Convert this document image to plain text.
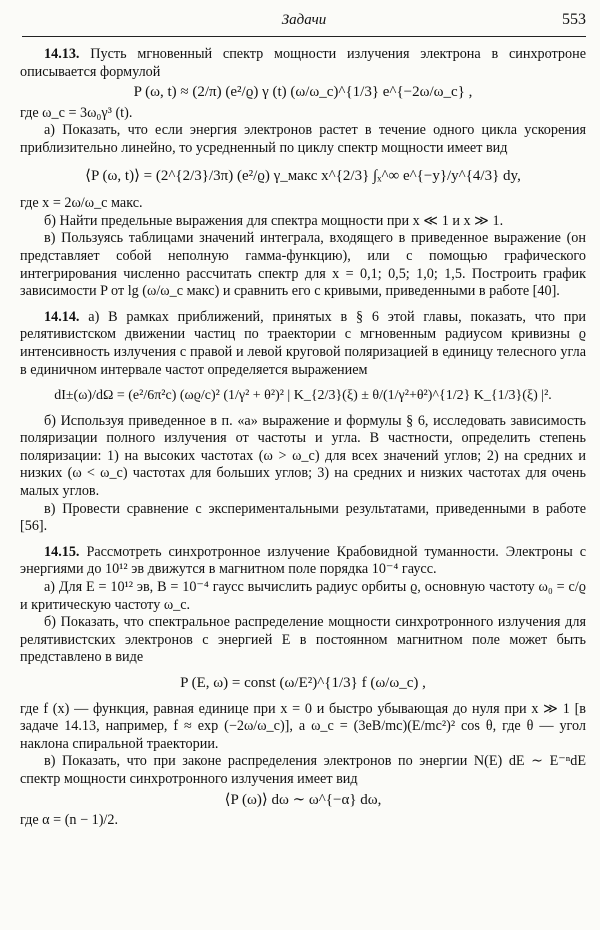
Задачи	553

14.13. Пусть мгновенный спектр мощности излучения электрона в синхротроне описывается формулой

P (ω, t) ≈ (2/π) (e²/ϱ) γ (t) (ω/ω_c)^{1/3} e^{−2ω/ω_c} ,

где ω_c = 3ω₀γ³ (t).

а) Показать, что если энергия электронов растет в течение одного цикла ускорения приблизительно линейно, то усредненный по циклу спектр мощности имеет вид

⟨P (ω, t)⟩ = (2^{2/3}/3π) (e²/ϱ) γ_макс x^{2/3} ∫ₓ^∞ e^{−y}/y^{4/3} dy,

где x = 2ω/ω_c макс.

б) Найти предельные выражения для спектра мощности при x ≪ 1 и x ≫ 1.

в) Пользуясь таблицами значений интеграла, входящего в приведенное выражение (он представляет собой неполную гамма-функцию), или с помощью графического интегрирования численно рассчитать спектр для x = 0,1; 0,5; 1,0; 1,5. Построить график зависимости P от lg (ω/ω_c макс) и сравнить его с кривыми, приведенными в работе [40].

14.14. а) В рамках приближений, принятых в § 6 этой главы, показать, что при релятивистском движении частиц по траектории с мгновенным радиусом кривизны ϱ интенсивность излучения с правой и левой круговой поляризацией в единицу телесного угла в единичном интервале частот определяется выражением

dI±(ω)/dΩ = (e²/6π²c) (ωϱ/c)² (1/γ² + θ²)² | K_{2/3}(ξ) ± θ/(1/γ²+θ²)^{1/2} K_{1/3}(ξ) |².

б) Используя приведенное в п. «а» выражение и формулы § 6, исследовать зависимость поляризации полного излучения от частоты и угла. В частности, определить степень поляризации: 1) на высоких частотах (ω > ω_c) для всех значений углов; 2) на средних и низких (ω < ω_c) частотах для больших углов; 3) на средних и низких частотах для очень малых углов.

в) Провести сравнение с экспериментальными результатами, приведенными в работе [56].

14.15. Рассмотреть синхротронное излучение Крабовидной туманности. Электроны с энергиями до 10¹² эв движутся в магнитном поле порядка 10⁻⁴ гаусс.

а) Для E = 10¹² эв, B = 10⁻⁴ гаусс вычислить радиус орбиты ϱ, основную частоту ω₀ = c/ϱ и критическую частоту ω_c.

б) Показать, что спектральное распределение мощности синхротронного излучения для релятивистских электронов с энергией E в постоянном магнитном поле может быть представлено в виде

P (E, ω) = const (ω/E²)^{1/3} f (ω/ω_c) ,

где f (x) — функция, равная единице при x = 0 и быстро убывающая до нуля при x ≫ 1 [в задаче 14.13, например, f ≈ exp (−2ω/ω_c)], а ω_c = (3eB/mc)(E/mc²)² cos θ, где θ — угол наклона спиральной траектории.

в) Показать, что при законе распределения электронов по энергии N(E) dE ∼ E⁻ⁿdE спектр мощности синхротронного излучения имеет вид

⟨P (ω)⟩ dω ∼ ω^{−α} dω,

где α = (n − 1)/2.
